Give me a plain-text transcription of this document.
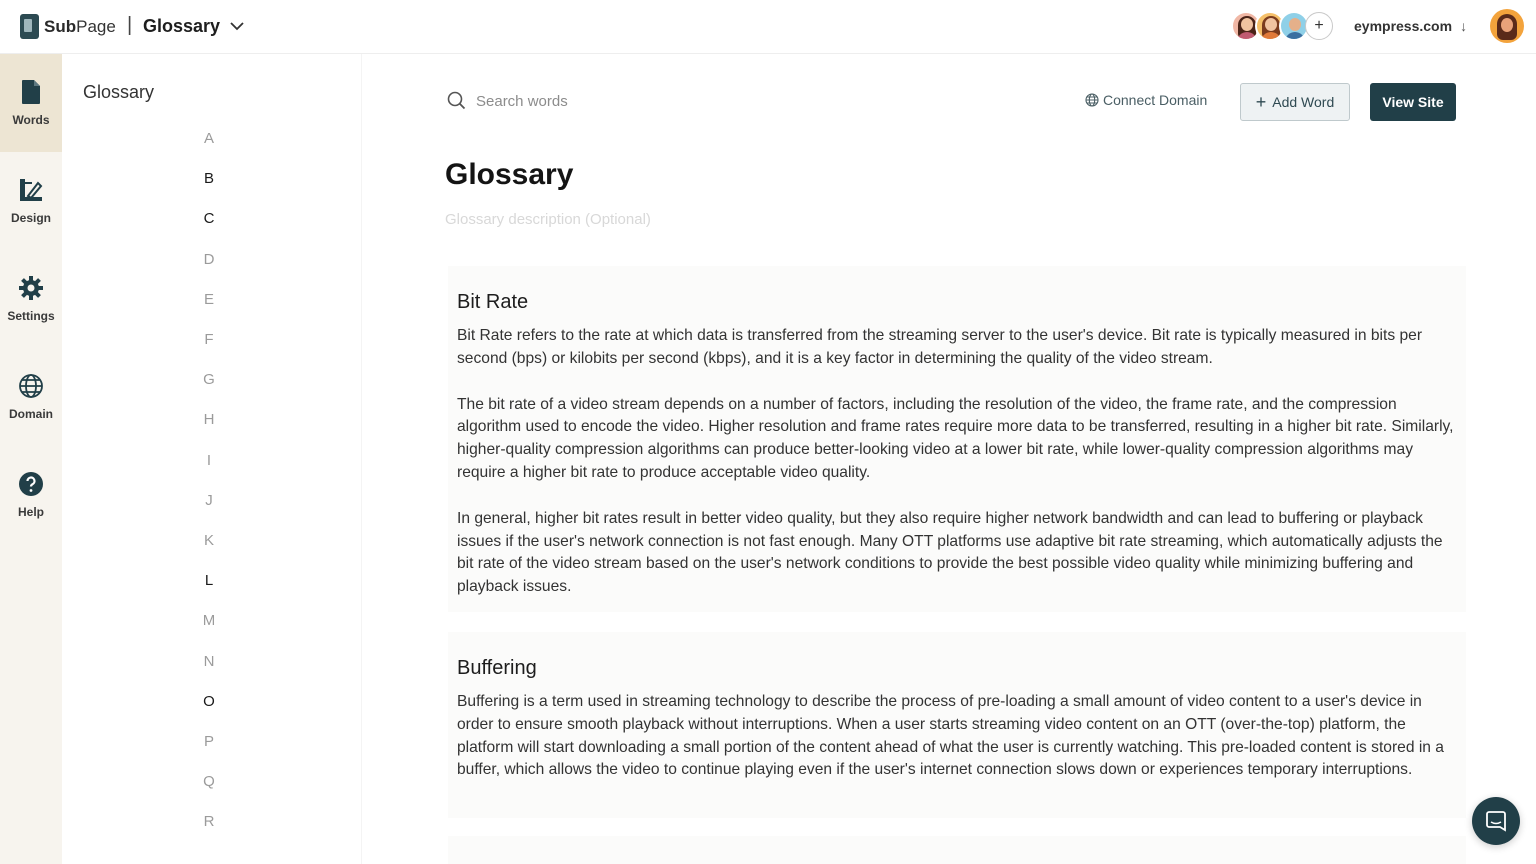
SubPage | Glossary	+	eympress.com ↓
Words
Design
Settings
Domain
Help
Glossary
A
B
C
D
E
F
G
H
I
J
K
L
M
N
O
P
Q
R
Search words
Connect Domain	+ Add Word	View Site
Glossary
Glossary description (Optional)
Bit Rate

Bit Rate refers to the rate at which data is transferred from the streaming server to the user's device. Bit rate is typically measured in bits per second (bps) or kilobits per second (kbps), and it is a key factor in determining the quality of the video stream.

The bit rate of a video stream depends on a number of factors, including the resolution of the video, the frame rate, and the compression algorithm used to encode the video. Higher resolution and frame rates require more data to be transferred, resulting in a higher bit rate. Similarly, higher-quality compression algorithms can produce better-looking video at a lower bit rate, while lower-quality compression algorithms may require a higher bit rate to produce acceptable video quality.

In general, higher bit rates result in better video quality, but they also require higher network bandwidth and can lead to buffering or playback issues if the user's network connection is not fast enough. Many OTT platforms use adaptive bit rate streaming, which automatically adjusts the bit rate of the video stream based on the user's network conditions to provide the best possible video quality while minimizing buffering and playback issues.

Buffering

Buffering is a term used in streaming technology to describe the process of pre-loading a small amount of video content to a user's device in order to ensure smooth playback without interruptions. When a user starts streaming video content on an OTT (over-the-top) platform, the platform will start downloading a small portion of the content ahead of what the user is currently watching. This pre-loaded content is stored in a buffer, which allows the video to continue playing even if the user's internet connection slows down or experiences temporary interruptions.
